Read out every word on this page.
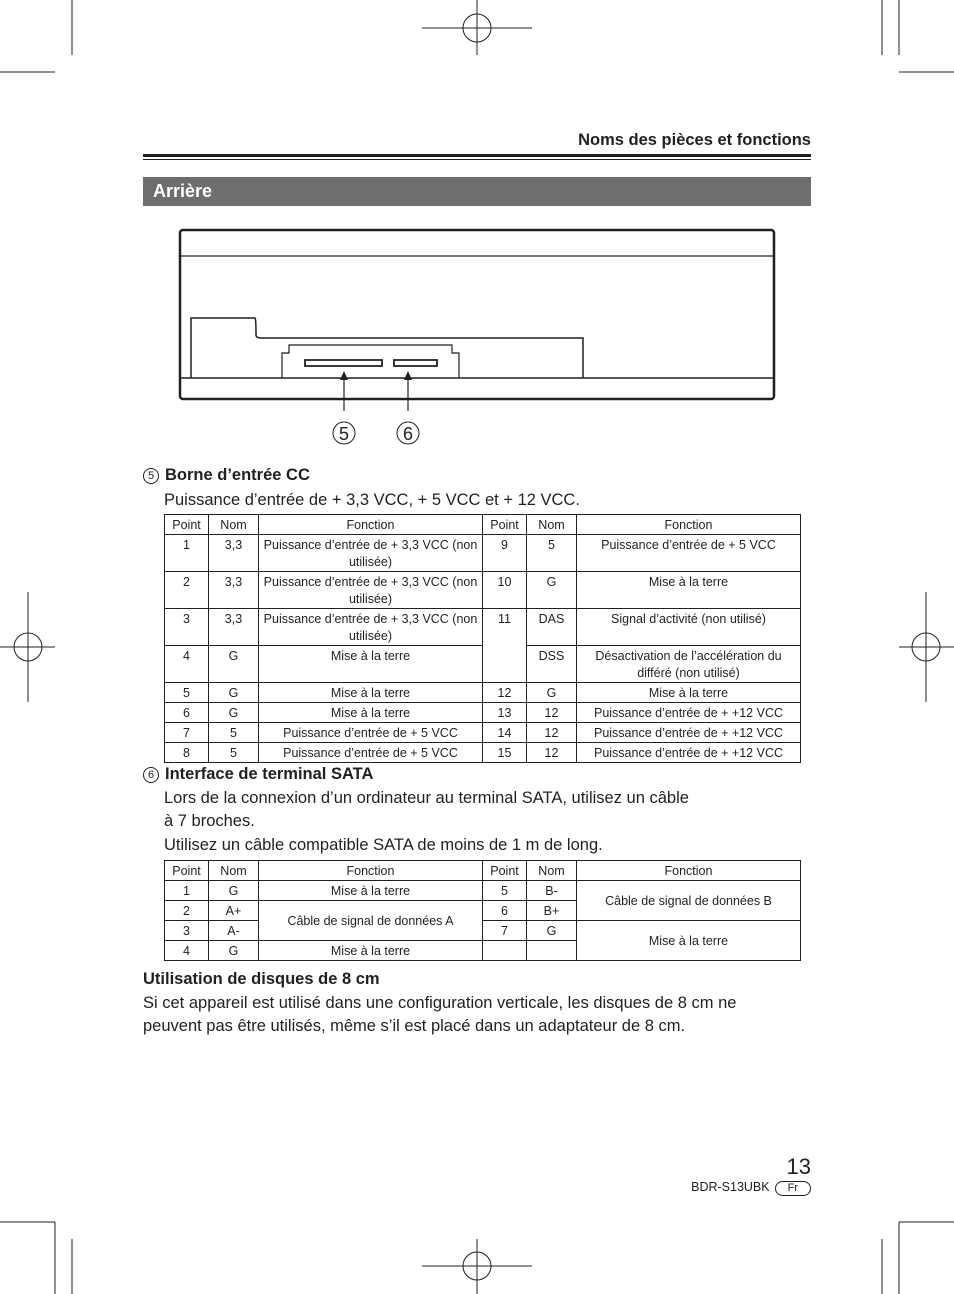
Noms des pièces et fonctions
Arrière
5	6
5 Borne d’entrée CC
Puissance d’entrée de + 3,3 VCC, + 5 VCC et + 12 VCC.
Point	Nom	Fonction	Point	Nom	Fonction
1	3,3	Puissance d’entrée de + 3,3 VCC (non utilisée)	9	5	Puissance d’entrée de + 5 VCC
2	3,3	Puissance d’entrée de + 3,3 VCC (non utilisée)	10	G	Mise à la terre
3	3,3	Puissance d’entrée de + 3,3 VCC (non utilisée)	11	DAS	Signal d’activité (non utilisé)
4	G	Mise à la terre		DSS	Désactivation de l’accélération du différé (non utilisé)
5	G	Mise à la terre	12	G	Mise à la terre
6	G	Mise à la terre	13	12	Puissance d’entrée de + +12 VCC
7	5	Puissance d’entrée de + 5 VCC	14	12	Puissance d’entrée de + +12 VCC
8	5	Puissance d’entrée de + 5 VCC	15	12	Puissance d’entrée de + +12 VCC
6 Interface de terminal SATA
Lors de la connexion d’un ordinateur au terminal SATA, utilisez un câble
à 7 broches.
Utilisez un câble compatible SATA de moins de 1 m de long.
Point	Nom	Fonction	Point	Nom	Fonction
1	G	Mise à la terre	5	B-	Câble de signal de données B
2	A+	Câble de signal de données A	6	B+	
3	A-		7	G	Mise à la terre
4	G	Mise à la terre			
Utilisation de disques de 8 cm
Si cet appareil est utilisé dans une configuration verticale, les disques de 8 cm ne
peuvent pas être utilisés, même s’il est placé dans un adaptateur de 8 cm.
13
BDR-S13UBK Fr
